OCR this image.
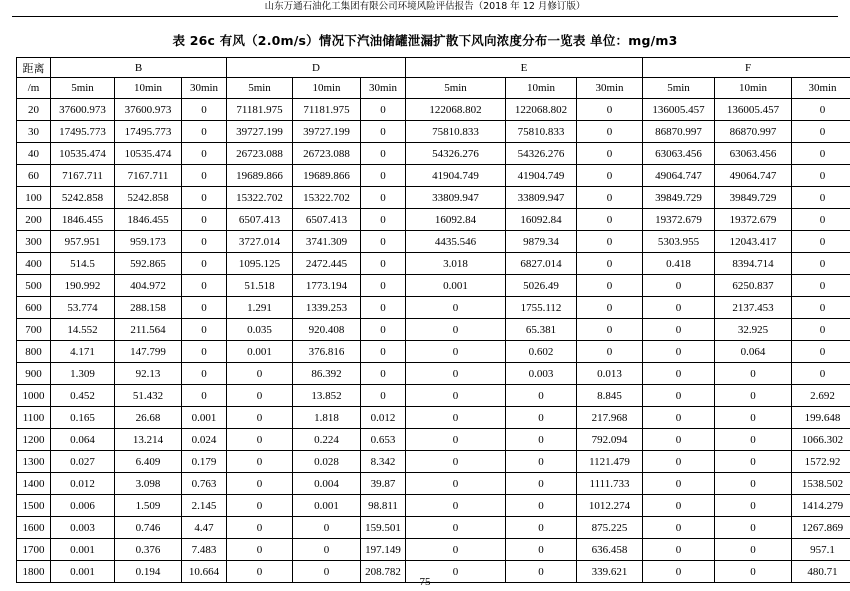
山东万通石油化工集团有限公司环境风险评估报告（2018 年 12 月修订版）
表 26c 有风（2.0m/s）情况下汽油储罐泄漏扩散下风向浓度分布一览表 单位：mg/m3
距离	B			D			E			F		
/m	5min	10min	30min	5min	10min	30min	5min	10min	30min	5min	10min	30min
20	37600.973	37600.973	0	71181.975	71181.975	0	122068.802	122068.802	0	136005.457	136005.457	0
30	17495.773	17495.773	0	39727.199	39727.199	0	75810.833	75810.833	0	86870.997	86870.997	0
40	10535.474	10535.474	0	26723.088	26723.088	0	54326.276	54326.276	0	63063.456	63063.456	0
60	7167.711	7167.711	0	19689.866	19689.866	0	41904.749	41904.749	0	49064.747	49064.747	0
100	5242.858	5242.858	0	15322.702	15322.702	0	33809.947	33809.947	0	39849.729	39849.729	0
200	1846.455	1846.455	0	6507.413	6507.413	0	16092.84	16092.84	0	19372.679	19372.679	0
300	957.951	959.173	0	3727.014	3741.309	0	4435.546	9879.34	0	5303.955	12043.417	0
400	514.5	592.865	0	1095.125	2472.445	0	3.018	6827.014	0	0.418	8394.714	0
500	190.992	404.972	0	51.518	1773.194	0	0.001	5026.49	0	0	6250.837	0
600	53.774	288.158	0	1.291	1339.253	0	0	1755.112	0	0	2137.453	0
700	14.552	211.564	0	0.035	920.408	0	0	65.381	0	0	32.925	0
800	4.171	147.799	0	0.001	376.816	0	0	0.602	0	0	0.064	0
900	1.309	92.13	0	0	86.392	0	0	0.003	0.013	0	0	0
1000	0.452	51.432	0	0	13.852	0	0	0	8.845	0	0	2.692
1100	0.165	26.68	0.001	0	1.818	0.012	0	0	217.968	0	0	199.648
1200	0.064	13.214	0.024	0	0.224	0.653	0	0	792.094	0	0	1066.302
1300	0.027	6.409	0.179	0	0.028	8.342	0	0	1121.479	0	0	1572.92
1400	0.012	3.098	0.763	0	0.004	39.87	0	0	1111.733	0	0	1538.502
1500	0.006	1.509	2.145	0	0.001	98.811	0	0	1012.274	0	0	1414.279
1600	0.003	0.746	4.47	0	0	159.501	0	0	875.225	0	0	1267.869
1700	0.001	0.376	7.483	0	0	197.149	0	0	636.458	0	0	957.1
1800	0.001	0.194	10.664	0	0	208.782	0	0	339.621	0	0	480.71
75
